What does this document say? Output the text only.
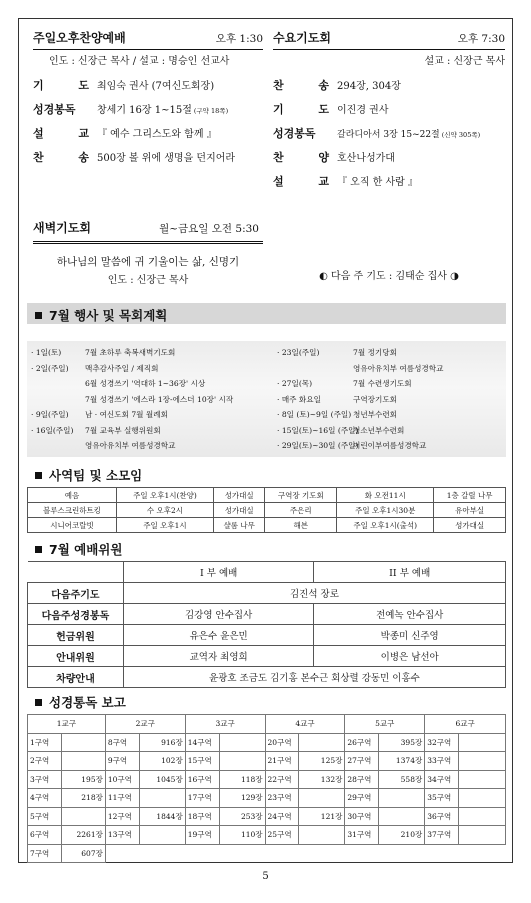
주일오후찬양예배	오후 1:30
인도 : 신장근 목사 / 설교 : 명승인 선교사
기	도 최임숙 권사 (7여신도회장)
성경봉독	창세기 16장 1~15절 (구약 18쪽)
설	교 『 예수 그리스도와 함께 』
찬	송 500장 볼 위에 생명을 던지어라
수요기도회	오후 7:30
설교 : 신장근 목사
찬	송 294장, 304장
기	도 이진경 권사
성경봉독	갈라디아서 3장 15~22절 (신약 305쪽)
찬	양 호산나성가대
설	교 『 오직 한 사람 』
새벽기도회	월~금요일 오전 5:30
하나님의 말씀에 귀 기울이는 삶, 신명기
인도 : 신장근 목사	◐ 다음 주 기도 : 김태순 집사 ◑
7월 행사 및 목회계획
· 1일(토)	7월 초하루 축복새벽기도회
· 2일(주일) 맥추감사주일 / 제직회
6월 성경쓰기 '역대하 1~36장' 시상
7월 성경쓰기 '에스라 1장-에스더 10장' 시작
· 9일(주일) 남 · 여신도회 7월 월례회
· 16일(주일) 7월 교육부 실행위원회
영유아유치부 여름성경학교
· 23일(주일)	7월 정기당회
영유아유치부 여름성경학교
· 27일(목)	7월 수련생기도회
· 매주 화요일	구역장기도회
· 8일 (토)~9일 (주일) 청년부수련회
· 15일(토)~16일 (주일)청소년부수련회
· 29일(토)~30일 (주일)어린이부여름성경학교
사역팀 및 소모임
예음	주일 오후1시(찬양)	성가대실	구역장 기도회	화 오전11시	1층 갈릴 나무
블루스크린하트킹	수 오후2시	성가대실	주은리	주일 오후1시30분	유아부실
시니어코랄빗	주일 오후1시	샬롬 나무	해븐	주일 오후1시(출석)	성가대실
7월 예배위원
	I 부 예배	II 부 예배
다음주기도	김진석 장로	
다음주성경봉독	김강영 안수집사	전예녹 안수집사
헌금위원	유은수 윤은민	박종미 신주영
안내위원	교역자 최영희	이병은 남선아
차량안내	윤광호 조금도 김기홍 본수근 회상렬 강동민 이홍수	
성경통독 보고
1교구		2교구		3교구		4교구		5교구		6교구	
1구역		8구역	916장	14구역		20구역		26구역	395장	32구역	
2구역		9구역	102장	15구역		21구역	125장	27구역	1374장	33구역	
3구역	195장	10구역	1045장	16구역	118장	22구역	132장	28구역	558장	34구역	
4구역	218장	11구역		17구역	129장	23구역		29구역		35구역	
5구역		12구역	1844장	18구역	253장	24구역	121장	30구역		36구역	
6구역	2261장	13구역		19구역	110장	25구역		31구역	210장	37구역	
7구역	607장										
5
